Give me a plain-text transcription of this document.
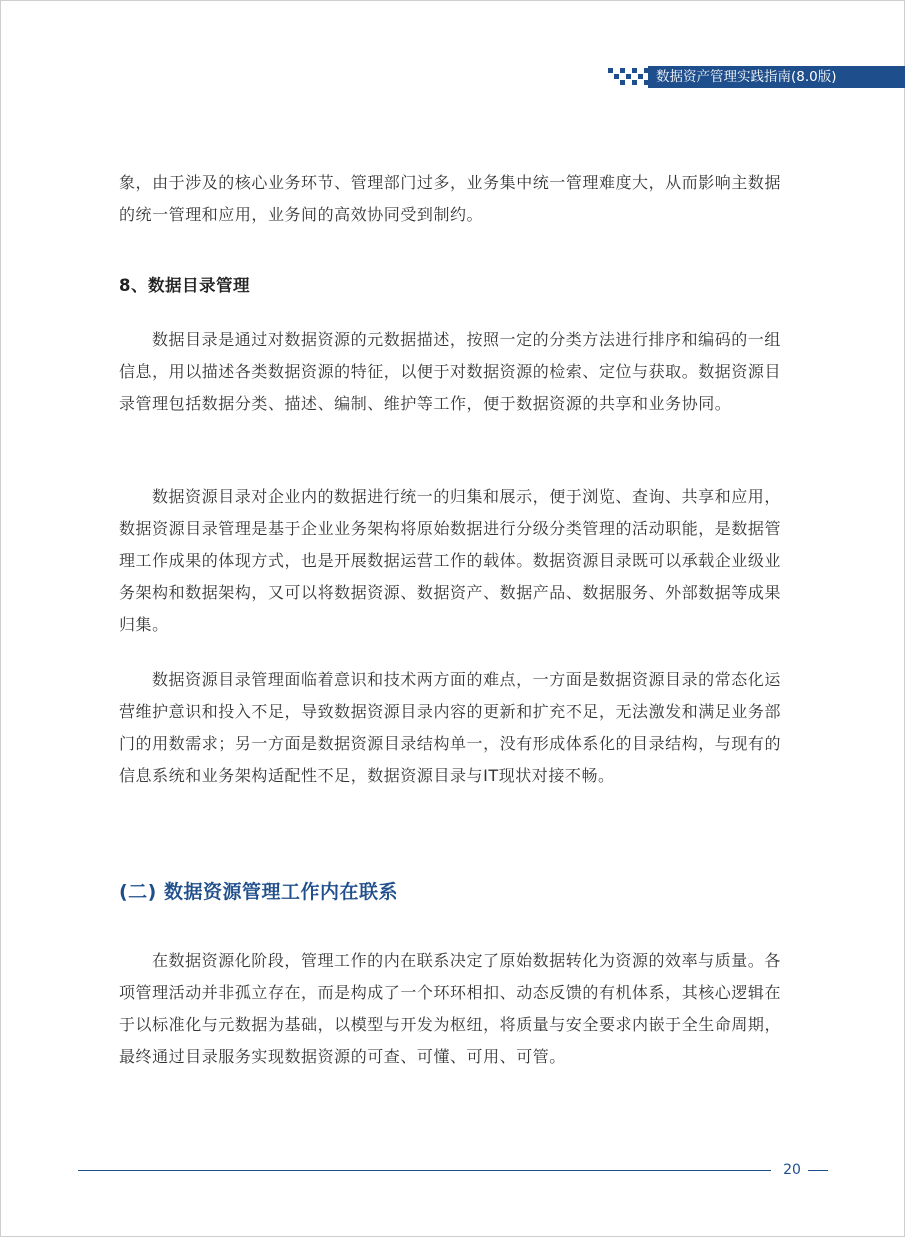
数据资产管理实践指南(8.0版)

象，由于涉及的核心业务环节、管理部门过多，业务集中统一管理难度大，从而影响主数据的统一管理和应用，业务间的高效协同受到制约。

8、数据目录管理

数据目录是通过对数据资源的元数据描述，按照一定的分类方法进行排序和编码的一组信息，用以描述各类数据资源的特征，以便于对数据资源的检索、定位与获取。数据资源目录管理包括数据分类、描述、编制、维护等工作，便于数据资源的共享和业务协同。

数据资源目录对企业内的数据进行统一的归集和展示，便于浏览、查询、共享和应用，数据资源目录管理是基于企业业务架构将原始数据进行分级分类管理的活动职能，是数据管理工作成果的体现方式，也是开展数据运营工作的载体。数据资源目录既可以承载企业级业务架构和数据架构，又可以将数据资源、数据资产、数据产品、数据服务、外部数据等成果归集。

数据资源目录管理面临着意识和技术两方面的难点，一方面是数据资源目录的常态化运营维护意识和投入不足，导致数据资源目录内容的更新和扩充不足，无法激发和满足业务部门的用数需求；另一方面是数据资源目录结构单一，没有形成体系化的目录结构，与现有的信息系统和业务架构适配性不足，数据资源目录与IT现状对接不畅。

(二) 数据资源管理工作内在联系

在数据资源化阶段，管理工作的内在联系决定了原始数据转化为资源的效率与质量。各项管理活动并非孤立存在，而是构成了一个环环相扣、动态反馈的有机体系，其核心逻辑在于以标准化与元数据为基础，以模型与开发为枢纽，将质量与安全要求内嵌于全生命周期，最终通过目录服务实现数据资源的可查、可懂、可用、可管。

20
